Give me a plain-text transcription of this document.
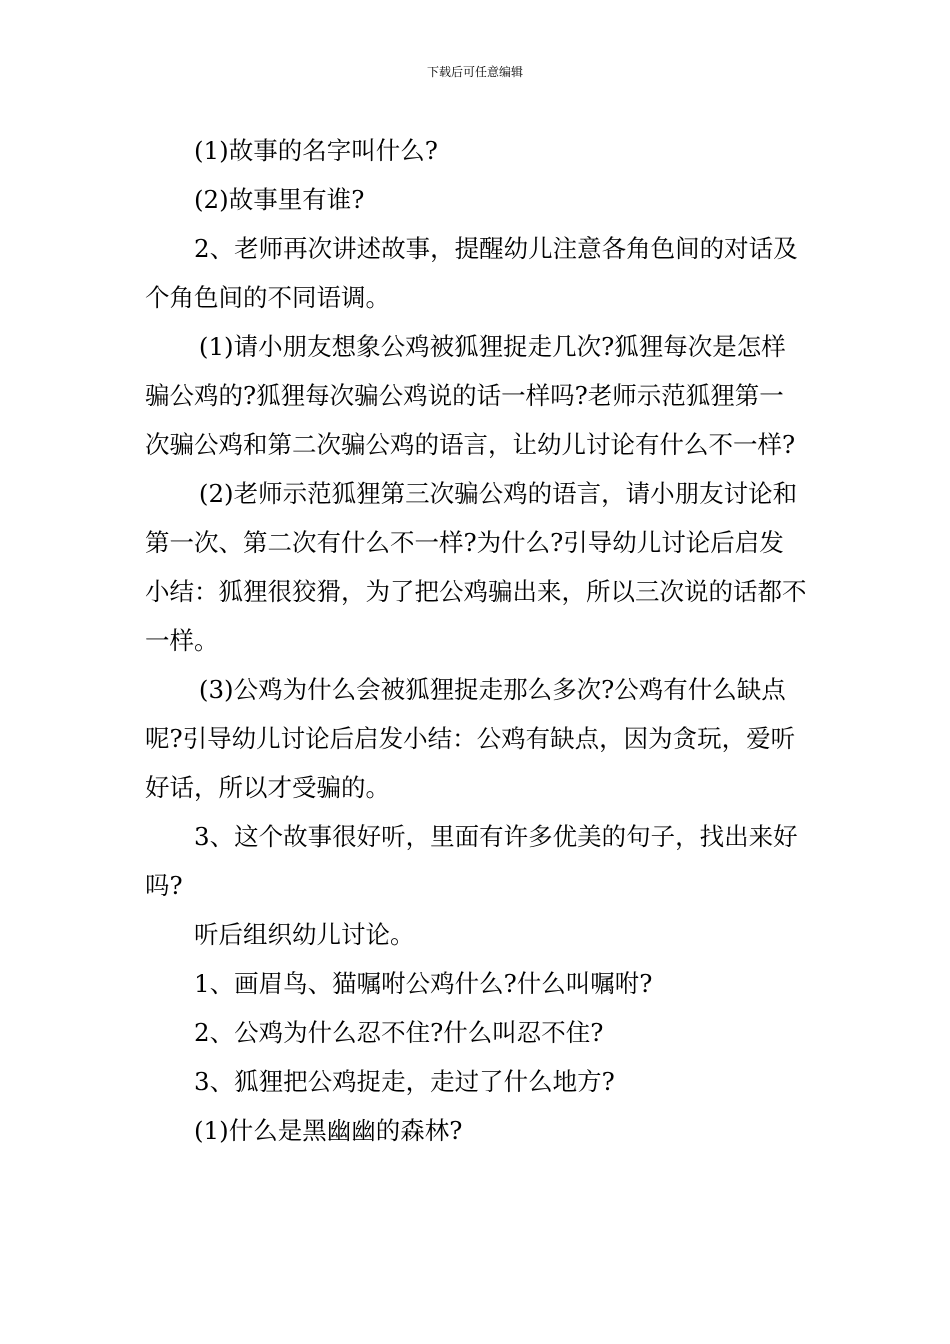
下载后可任意编辑

(1)故事的名字叫什么?

(2)故事里有谁?

2、老师再次讲述故事，提醒幼儿注意各角色间的对话及个角色间的不同语调。

(1)请小朋友想象公鸡被狐狸捉走几次?狐狸每次是怎样骗公鸡的?狐狸每次骗公鸡说的话一样吗?老师示范狐狸第一次骗公鸡和第二次骗公鸡的语言，让幼儿讨论有什么不一样?

(2)老师示范狐狸第三次骗公鸡的语言，请小朋友讨论和第一次、第二次有什么不一样?为什么?引导幼儿讨论后启发小结：狐狸很狡猾，为了把公鸡骗出来，所以三次说的话都不一样。

(3)公鸡为什么会被狐狸捉走那么多次?公鸡有什么缺点呢?引导幼儿讨论后启发小结：公鸡有缺点，因为贪玩，爱听好话，所以才受骗的。

3、这个故事很好听，里面有许多优美的句子，找出来好吗?

听后组织幼儿讨论。

1、画眉鸟、猫嘱咐公鸡什么?什么叫嘱咐?

2、公鸡为什么忍不住?什么叫忍不住?

3、狐狸把公鸡捉走，走过了什么地方?

(1)什么是黑幽幽的森林?
